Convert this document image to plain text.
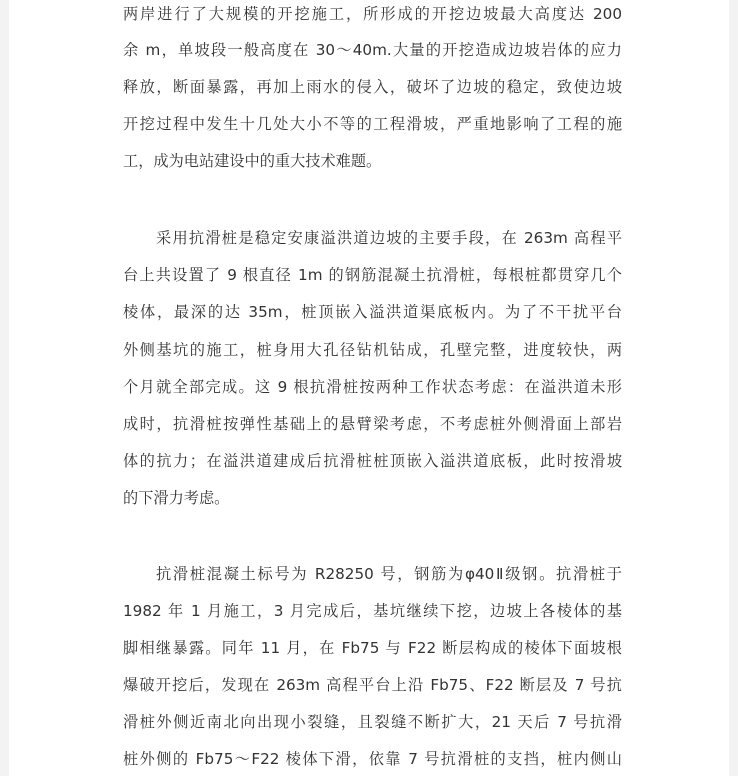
两岸进行了大规模的开挖施工，所形成的开挖边坡最大高度达 200
余 m，单坡段一般高度在 30～40m.大量的开挖造成边坡岩体的应力
释放，断面暴露，再加上雨水的侵入，破坏了边坡的稳定，致使边坡
开挖过程中发生十几处大小不等的工程滑坡，严重地影响了工程的施
工，成为电站建设中的重大技术难题。
采用抗滑桩是稳定安康溢洪道边坡的主要手段，在 263m 高程平
台上共设置了 9 根直径 1m 的钢筋混凝土抗滑桩，每根桩都贯穿几个
棱体，最深的达 35m，桩顶嵌入溢洪道渠底板内。为了不干扰平台
外侧基坑的施工，桩身用大孔径钻机钻成，孔壁完整，进度较快，两
个月就全部完成。这 9 根抗滑桩按两种工作状态考虑：在溢洪道未形
成时，抗滑桩按弹性基础上的悬臂梁考虑，不考虑桩外侧滑面上部岩
体的抗力；在溢洪道建成后抗滑桩桩顶嵌入溢洪道底板，此时按滑坡
的下滑力考虑。
抗滑桩混凝土标号为 R28250 号，钢筋为φ40Ⅱ级钢。抗滑桩于
1982 年 1 月施工，3 月完成后，基坑继续下挖，边坡上各棱体的基
脚相继暴露。同年 11 月，在 Fb75 与 F22 断层构成的棱体下面坡根
爆破开挖后，发现在 263m 高程平台上沿 Fb75、F22 断层及 7 号抗
滑桩外侧近南北向出现小裂缝，且裂缝不断扩大，21 天后 7 号抗滑
桩外侧的 Fb75～F22 棱体下滑，依靠 7 号抗滑桩的支挡，桩内侧山
